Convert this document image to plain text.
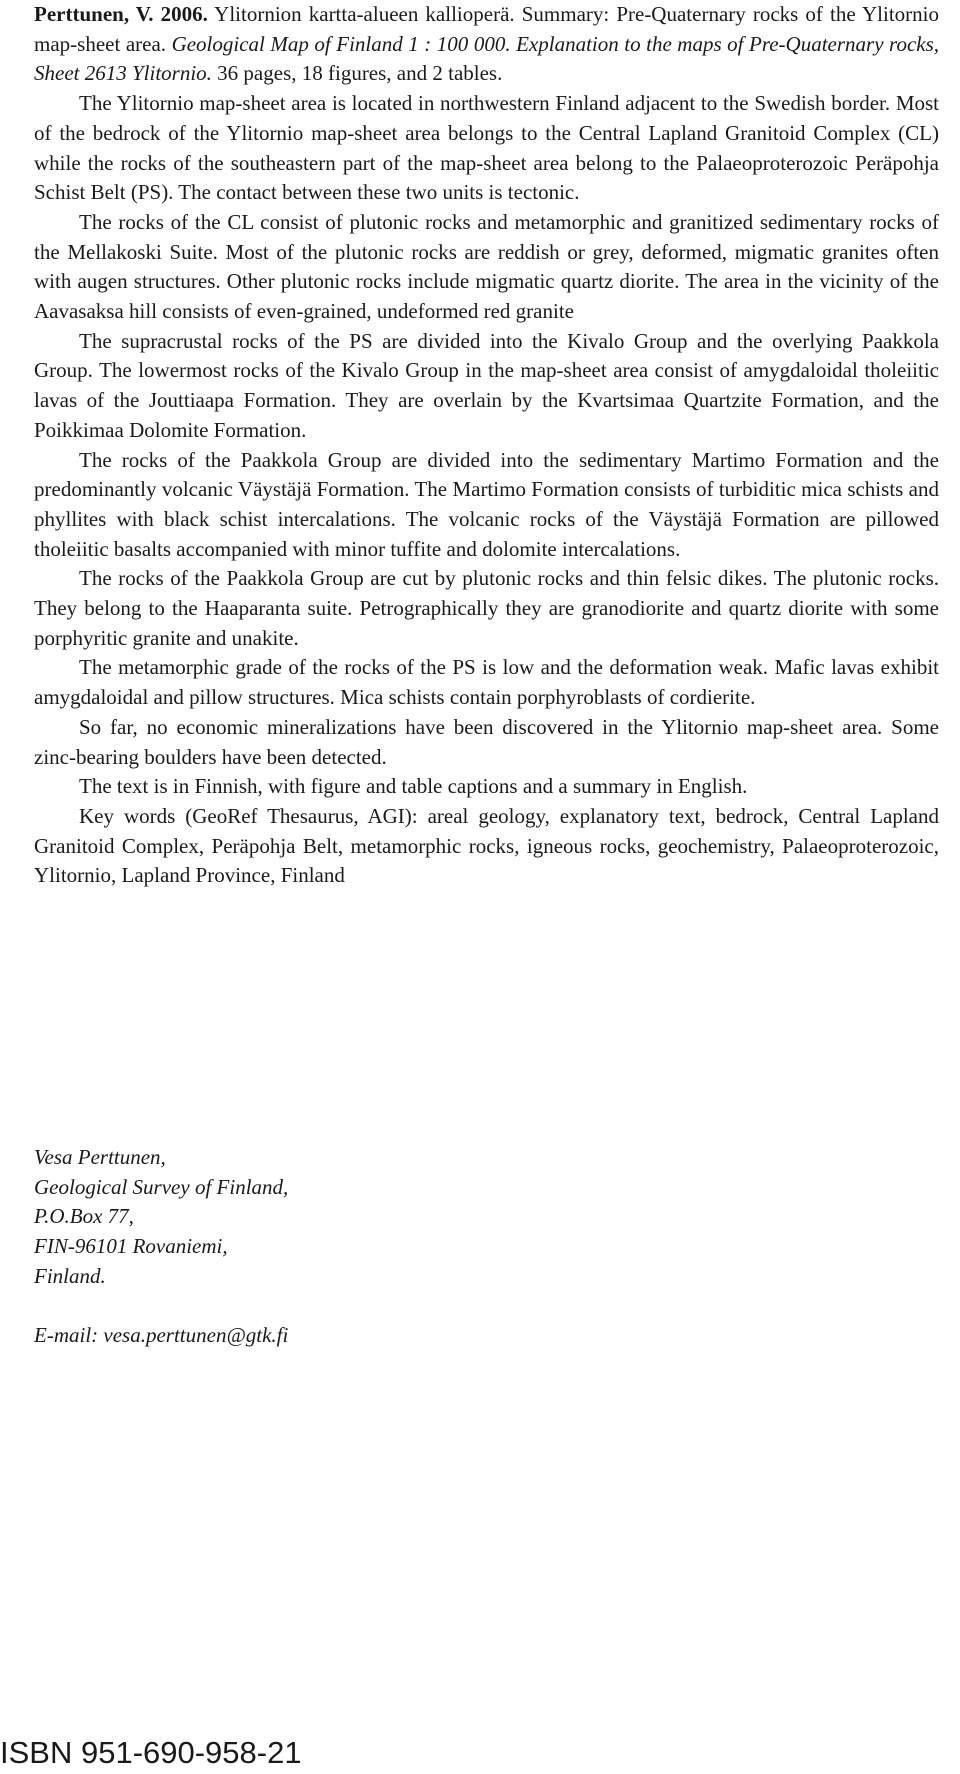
Perttunen, V. 2006. Ylitornion kartta-alueen kallioperä. Summary: Pre-Quaternary rocks of the Ylitornio map-sheet area. Geological Map of Finland 1 : 100 000. Explanation to the maps of Pre-Quaternary rocks, Sheet 2613 Ylitornio. 36 pages, 18 figures, and 2 tables.

The Ylitornio map-sheet area is located in northwestern Finland adjacent to the Swedish border. Most of the bedrock of the Ylitornio map-sheet area belongs to the Central Lapland Granitoid Complex (CL) while the rocks of the southeastern part of the map-sheet area belong to the Palaeoproterozoic Peräpohja Schist Belt (PS). The contact between these two units is tectonic.

The rocks of the CL consist of plutonic rocks and metamorphic and granitized sedimentary rocks of the Mellakoski Suite. Most of the plutonic rocks are reddish or grey, deformed, migmatic granites often with augen structures. Other plutonic rocks include migmatic quartz diorite. The area in the vicinity of the Aavasaksa hill consists of even-grained, undeformed red granite

The supracrustal rocks of the PS are divided into the Kivalo Group and the overlying Paakkola Group. The lowermost rocks of the Kivalo Group in the map-sheet area consist of amygdaloidal tholeiitic lavas of the Jouttiaapa Formation. They are overlain by the Kvartsimaa Quartzite Formation, and the Poikkimaa Dolomite Formation.

The rocks of the Paakkola Group are divided into the sedimentary Martimo Formation and the predominantly volcanic Väystäjä Formation. The Martimo Formation consists of turbiditic mica schists and phyllites with black schist intercalations. The volcanic rocks of the Väystäjä Formation are pillowed tholeiitic basalts accompanied with minor tuffite and dolomite intercalations.

The rocks of the Paakkola Group are cut by plutonic rocks and thin felsic dikes. The plutonic rocks. They belong to the Haaparanta suite. Petrographically they are granodiorite and quartz diorite with some porphyritic granite and unakite.

The metamorphic grade of the rocks of the PS is low and the deformation weak. Mafic lavas exhibit amygdaloidal and pillow structures. Mica schists contain porphyroblasts of cordierite.

So far, no economic mineralizations have been discovered in the Ylitornio map-sheet area. Some zinc-bearing boulders have been detected.

The text is in Finnish, with figure and table captions and a summary in English.

Key words (GeoRef Thesaurus, AGI): areal geology, explanatory text, bedrock, Central Lapland Granitoid Complex, Peräpohja Belt, metamorphic rocks, igneous rocks, geochemistry, Palaeoproterozoic, Ylitornio, Lapland Province, Finland

Vesa Perttunen,
Geological Survey of Finland,
P.O.Box 77,
FIN-96101 Rovaniemi,
Finland.
E-mail: vesa.perttunen@gtk.fi
ISBN 951-690-958-21
